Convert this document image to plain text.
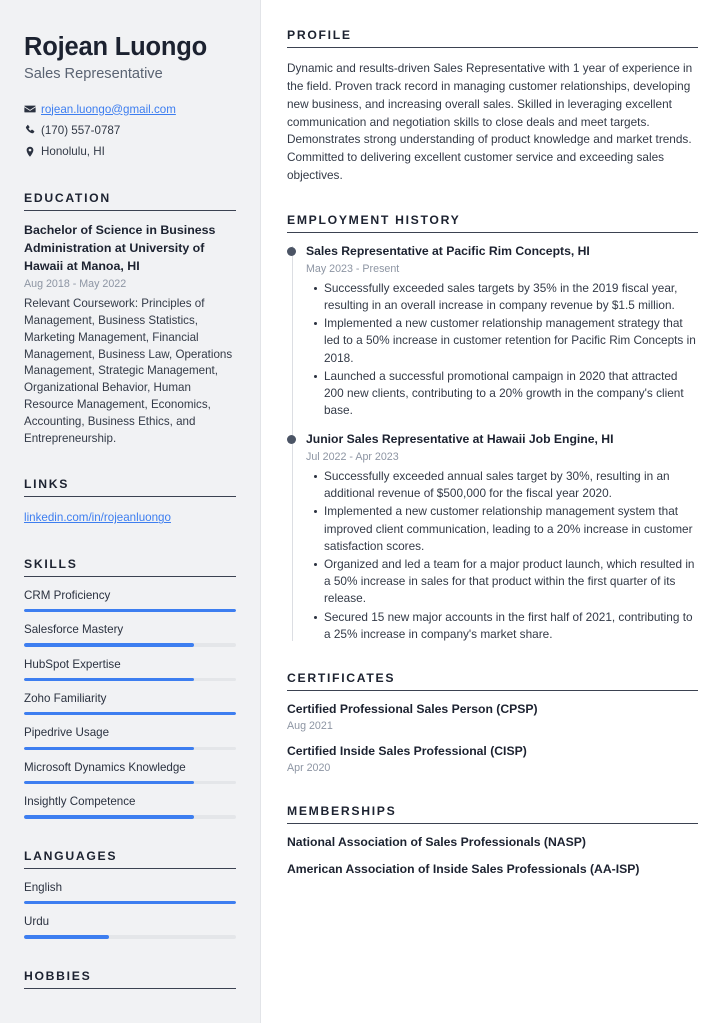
Rojean Luongo
Sales Representative
rojean.luongo@gmail.com
(170) 557-0787
Honolulu, HI
EDUCATION
Bachelor of Science in Business Administration at University of Hawaii at Manoa, HI
Aug 2018 - May 2022
Relevant Coursework: Principles of Management, Business Statistics, Marketing Management, Financial Management, Business Law, Operations Management, Strategic Management, Organizational Behavior, Human Resource Management, Economics, Accounting, Business Ethics, and Entrepreneurship.
LINKS
linkedin.com/in/rojeanluongo
SKILLS
CRM Proficiency
Salesforce Mastery
HubSpot Expertise
Zoho Familiarity
Pipedrive Usage
Microsoft Dynamics Knowledge
Insightly Competence
LANGUAGES
English
Urdu
HOBBIES
PROFILE

Dynamic and results-driven Sales Representative with 1 year of experience in the field. Proven track record in managing customer relationships, developing new business, and increasing overall sales. Skilled in leveraging excellent communication and negotiation skills to close deals and meet targets. Demonstrates strong understanding of product knowledge and market trends. Committed to delivering excellent customer service and exceeding sales objectives.

EMPLOYMENT HISTORY
Sales Representative at Pacific Rim Concepts, HI
May 2023 - Present
Successfully exceeded sales targets by 35% in the 2019 fiscal year, resulting in an overall increase in company revenue by $1.5 million.
Implemented a new customer relationship management strategy that led to a 50% increase in customer retention for Pacific Rim Concepts in 2018.
Launched a successful promotional campaign in 2020 that attracted 200 new clients, contributing to a 20% growth in the company's client base.
Junior Sales Representative at Hawaii Job Engine, HI
Jul 2022 - Apr 2023
Successfully exceeded annual sales target by 30%, resulting in an additional revenue of $500,000 for the fiscal year 2020.
Implemented a new customer relationship management system that improved client communication, leading to a 20% increase in customer satisfaction scores.
Organized and led a team for a major product launch, which resulted in a 50% increase in sales for that product within the first quarter of its release.
Secured 15 new major accounts in the first half of 2021, contributing to a 25% increase in company's market share.
CERTIFICATES
Certified Professional Sales Person (CPSP)
Aug 2021
Certified Inside Sales Professional (CISP)
Apr 2020
MEMBERSHIPS
National Association of Sales Professionals (NASP)
American Association of Inside Sales Professionals (AA-ISP)
